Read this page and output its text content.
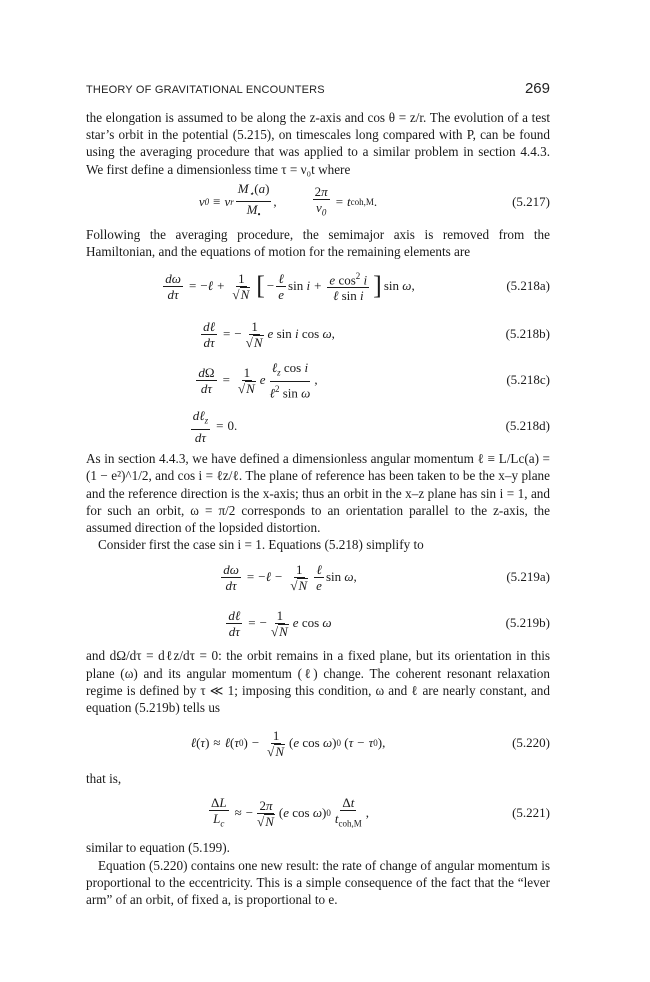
THEORY OF GRAVITATIONAL ENCOUNTERS	269

the elongation is assumed to be along the z-axis and cos θ = z/r. The evolution of a test star’s orbit in the potential (5.215), on timescales long compared with P, can be found using the averaging procedure that was applied to a similar problem in section 4.4.3. We first define a dimensionless time τ = ν₀t where

ν 0 ≡ ν r $\frac{M_⋆(a)}{M_•}$ ,	$\frac{2\pi}{\nu_0} = t$ coh,M .	(5.217)

Following the averaging procedure, the semimajor axis is removed from the Hamiltonian, and the equations of motion for the remaining elements are

$\frac{d\omega}{d\tau}$ = − ℓ + $\frac{1}{√ N}$ [ − $\frac{\text{ℓ}}{e}$ $\sin i + \frac{e \cos^2 i}{\text{ℓ sin i}}$ ] sin ω ,	(5.218a)
$\frac{\text{dℓ}}{d\tau}$ = − $\frac{1}{√ N}$ e sin i cos ω ,	(5.218b)
$\frac{d\Omega}{d\tau} = \frac{1}{√ N}$ e $\frac{\ell_z \cos i}{\ell^2 \sin \omega}$ ,	(5.218c)
$\frac{d\ell_z}{d\tau} = 0$.	(5.218d)

As in section 4.4.3, we have defined a dimensionless angular momentum ℓ ≡ L/Lc(a) = (1 − e²)^1/2, and cos i = ℓz/ℓ. The plane of reference has been taken to be the x–y plane and the reference direction is the x-axis; thus an orbit in the x–z plane has sin i = 1, and for such an orbit, ω = π/2 corresponds to an orientation parallel to the z-axis, the assumed direction of the lopsided distortion.

Consider first the case sin i = 1. Equations (5.218) simplify to

$\frac{d\omega}{d\tau}$ = − ℓ − $\frac{1}{√ N} \frac{\text{ℓ}}{e}$ sin ω ,	(5.219a)
$\frac{\text{dℓ}}{d\tau}$ = − $\frac{1}{√ N}$ e cos ω	(5.219b)

and dΩ/dτ = dℓz/dτ = 0: the orbit remains in a fixed plane, but its orientation in this plane (ω) and its angular momentum (ℓ) change. The coherent resonant relaxation regime is defined by τ ≪ 1; imposing this condition, ω and ℓ are nearly constant, and equation (5.219b) tells us

ℓ ( τ ) ≈ ℓ ( τ 0 ) − $\frac{1}{√ N}$ ( e cos ω ) 0 ( τ − τ 0 ),	(5.220)

that is,

$\frac{\Delta L}{L_c}$ ≈ − $\frac{2\pi}{√ N}$ ( e cos ω ) $0 \frac{\Delta t}{t_{coh,M}}$ ,	(5.221)

similar to equation (5.199).

Equation (5.220) contains one new result: the rate of change of angular momentum is proportional to the eccentricity. This is a simple consequence of the fact that the “lever arm” of an orbit, of fixed a, is proportional to e.
